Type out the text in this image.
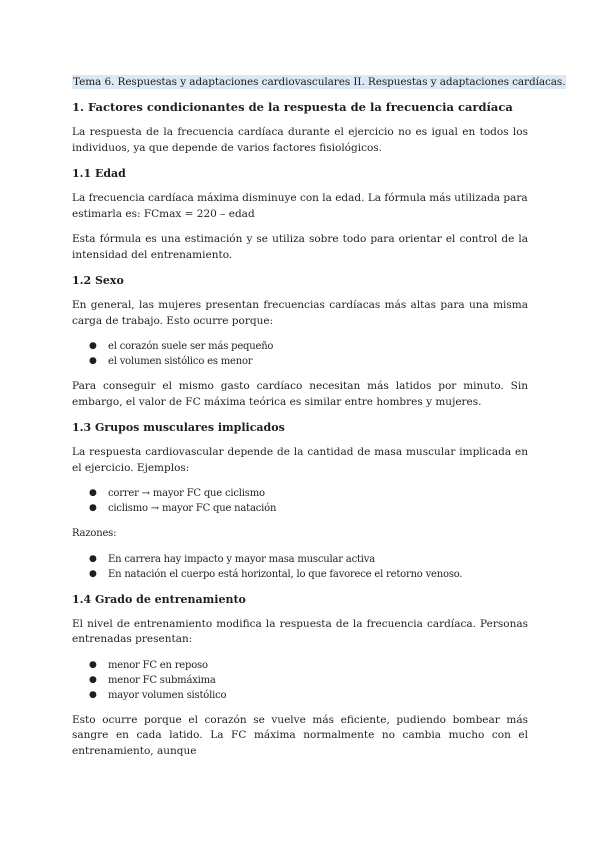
Tema 6. Respuestas y adaptaciones cardiovasculares II. Respuestas y adaptaciones cardíacas.
1. Factores condicionantes de la respuesta de la frecuencia cardíaca

La respuesta de la frecuencia cardíaca durante el ejercicio no es igual en todos los individuos, ya que depende de varios factores fisiológicos.

1.1 Edad

La frecuencia cardíaca máxima disminuye con la edad. La fórmula más utilizada para estimarla es: FCmax = 220 – edad

Esta fórmula es una estimación y se utiliza sobre todo para orientar el control de la intensidad del entrenamiento.

1.2 Sexo

En general, las mujeres presentan frecuencias cardíacas más altas para una misma carga de trabajo. Esto ocurre porque:

● el corazón suele ser más pequeño
● el volumen sistólico es menor

Para conseguir el mismo gasto cardíaco necesitan más latidos por minuto. Sin embargo, el valor de FC máxima teórica es similar entre hombres y mujeres.

1.3 Grupos musculares implicados

La respuesta cardiovascular depende de la cantidad de masa muscular implicada en el ejercicio. Ejemplos:

● correr → mayor FC que ciclismo
● ciclismo → mayor FC que natación

Razones:

● En carrera hay impacto y mayor masa muscular activa
● En natación el cuerpo está horizontal, lo que favorece el retorno venoso.
1.4 Grado de entrenamiento

El nivel de entrenamiento modifica la respuesta de la frecuencia cardíaca. Personas entrenadas presentan:

● menor FC en reposo
● menor FC submáxima
● mayor volumen sistólico

Esto ocurre porque el corazón se vuelve más eficiente, pudiendo bombear más sangre en cada latido. La FC máxima normalmente no cambia mucho con el entrenamiento, aunque
